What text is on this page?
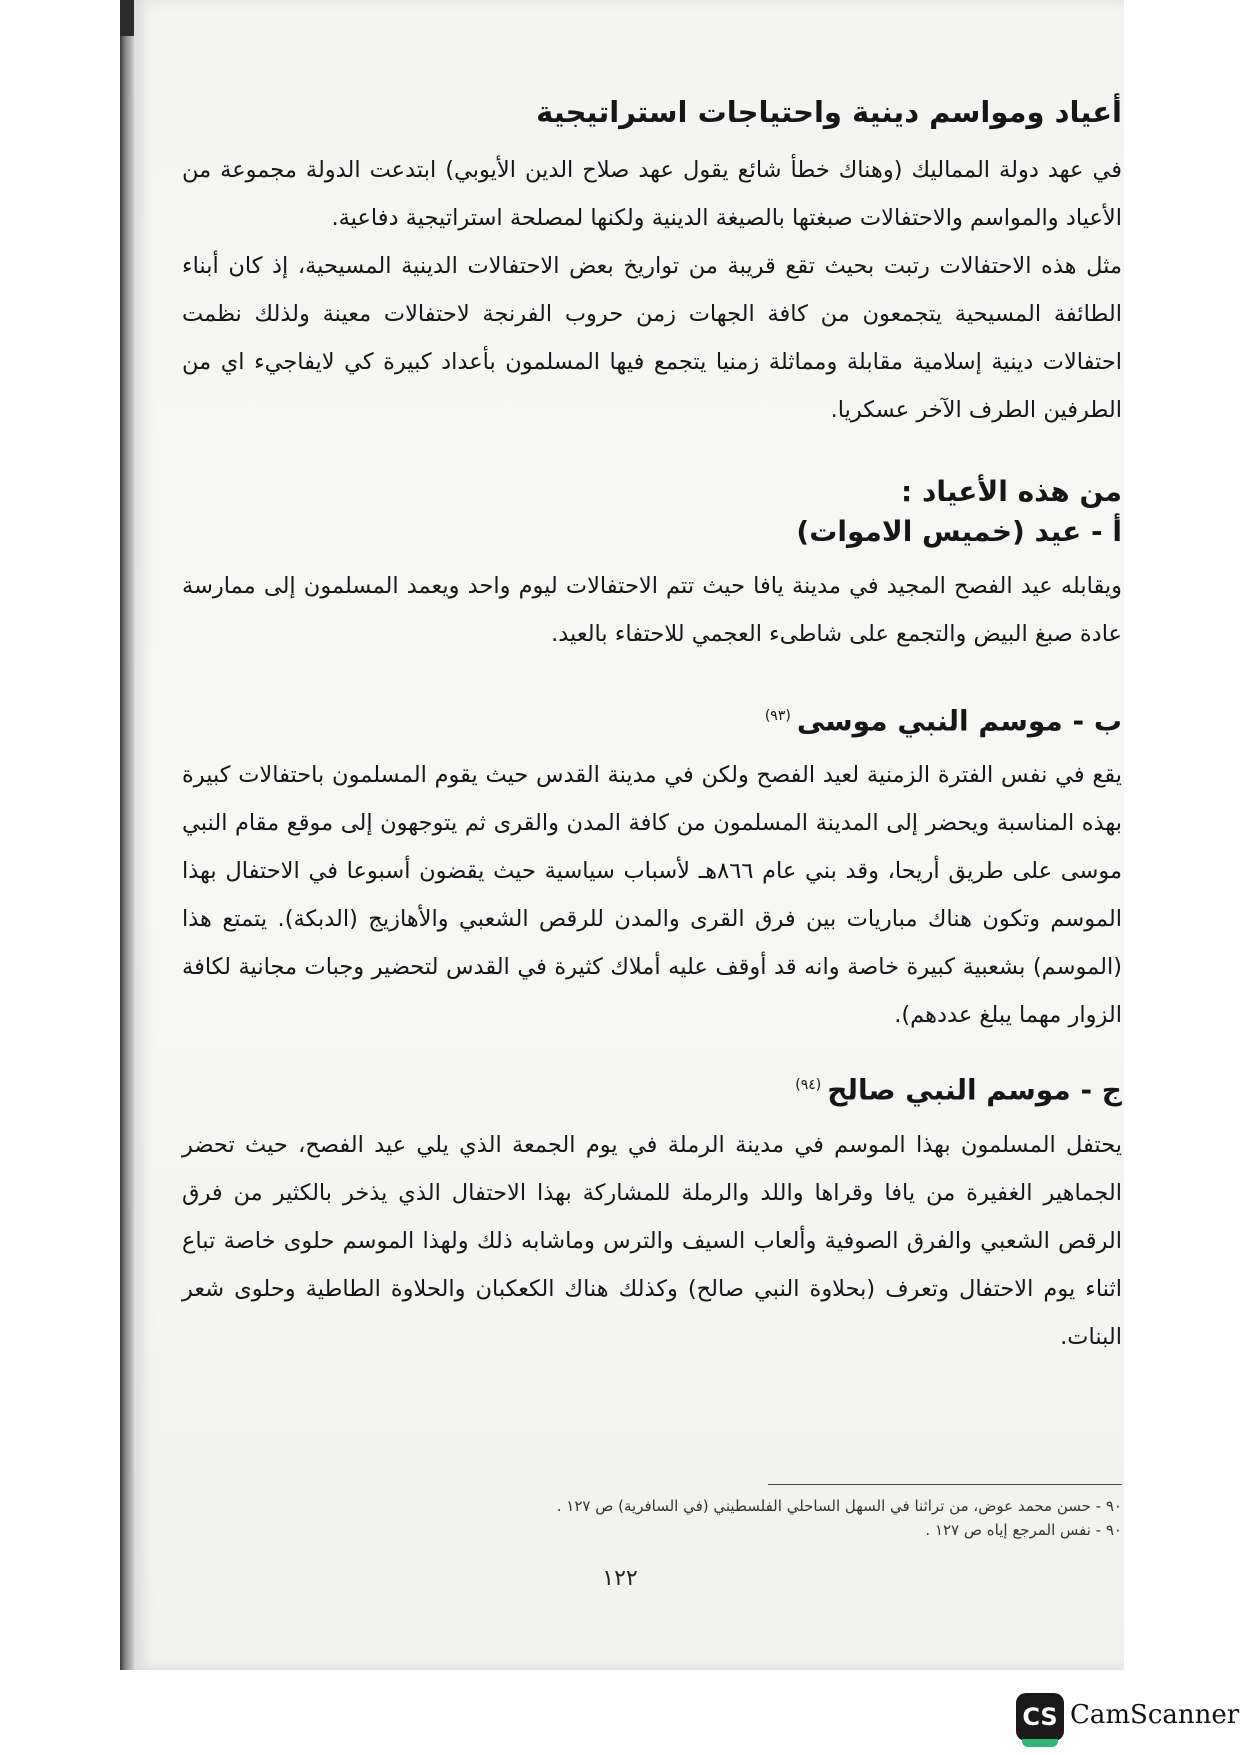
أعياد ومواسم دينية واحتياجات استراتيجية

في عهد دولة المماليك (وهناك خطأ شائع يقول عهد صلاح الدين الأيوبي) ابتدعت الدولة مجموعة من الأعياد والمواسم والاحتفالات صبغتها بالصيغة الدينية ولكنها لمصلحة استراتيجية دفاعية.

مثل هذه الاحتفالات رتبت بحيث تقع قريبة من تواريخ بعض الاحتفالات الدينية المسيحية، إذ كان أبناء الطائفة المسيحية يتجمعون من كافة الجهات زمن حروب الفرنجة لاحتفالات معينة ولذلك نظمت احتفالات دينية إسلامية مقابلة ومماثلة زمنيا يتجمع فيها المسلمون بأعداد كبيرة كي لايفاجيء اي من الطرفين الطرف الآخر عسكريا.

من هذه الأعياد :
أ - عيد (خميس الاموات)

ويقابله عيد الفصح المجيد في مدينة يافا حيث تتم الاحتفالات ليوم واحد ويعمد المسلمون إلى ممارسة عادة صبغ البيض والتجمع على شاطىء العجمي للاحتفاء بالعيد.

ب - موسم النبي موسى$^{(٩٣)}$

يقع في نفس الفترة الزمنية لعيد الفصح ولكن في مدينة القدس حيث يقوم المسلمون باحتفالات كبيرة بهذه المناسبة ويحضر إلى المدينة المسلمون من كافة المدن والقرى ثم يتوجهون إلى موقع مقام النبي موسى على طريق أريحا، وقد بني عام ٨٦٦هـ لأسباب سياسية حيث يقضون أسبوعا في الاحتفال بهذا الموسم وتكون هناك مباريات بين فرق القرى والمدن للرقص الشعبي والأهازيج (الدبكة). يتمتع هذا (الموسم) بشعبية كبيرة خاصة وانه قد أوقف عليه أملاك كثيرة في القدس لتحضير وجبات مجانية لكافة الزوار مهما يبلغ عددهم).

ج - موسم النبي صالح$^{(٩٤)}$

يحتفل المسلمون بهذا الموسم في مدينة الرملة في يوم الجمعة الذي يلي عيد الفصح، حيث تحضر الجماهير الغفيرة من يافا وقراها واللد والرملة للمشاركة بهذا الاحتفال الذي يذخر بالكثير من فرق الرقص الشعبي والفرق الصوفية وألعاب السيف والترس وماشابه ذلك ولهذا الموسم حلوى خاصة تباع اثناء يوم الاحتفال وتعرف (بحلاوة النبي صالح) وكذلك هناك الكعكبان والحلاوة الطاطية وحلوى شعر البنات.

٩٠ - حسن محمد عوض، من تراثنا في السهل الساحلي الفلسطيني (في السافرية) ص ١٢٧ .
٩٠ - نفس المرجع إياه ص ١٢٧ .
١٢٢
CS CamScanner
